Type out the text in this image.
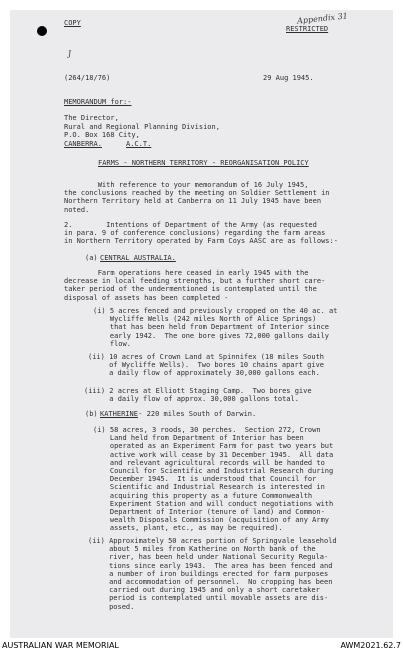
COPY
RESTRICTED
Appendix 31
J
(264/18/76)	29 Aug 1945.
MEMORANDUM for:-
The Director,
Rural and Regional Planning Division,
P.O. Box 168 City,
CANBERRA.	A.C.T.
FARMS - NORTHERN TERRITORY - REORGANISATION POLICY
With reference to your memorandum of 16 July 1945,
the conclusions reached by the meeting on Soldier Settlement in
Northern Territory held at Canberra on 11 July 1945 have been
noted.
2.        Intentions of Department of the Army (as requested
in para. 9 of conference conclusions) regarding the farm areas
in Northern Territory operated by Farm Coys AASC are as follows:-
(a) CENTRAL AUSTRALIA.
Farm operations here ceased in early 1945 with the
decrease in local feeding strengths, but a further short care-
taker period of the undermentioned is contemplated until the
disposal of assets has been completed -
(i) 5 acres fenced and previously cropped on the 40 ac. at
Wycliffe Wells (242 miles North of Alice Springs)
that has been held from Department of Interior since
early 1942.  The one bore gives 72,000 gallons daily
flow.
(ii) 10 acres of Crown Land at Spinnifex (18 miles South
of Wycliffe Wells).  Two bores 10 chains apart give
a daily flow of approximately 30,000 gallons each.
(iii) 2 acres at Elliott Staging Camp.  Two bores give
a daily flow of approx. 30,000 gallons total.
(b) KATHERINE
- 220 miles South of Darwin.
(i) 58 acres, 3 roods, 30 perches.  Section 272, Crown
Land held from Department of Interior has been
operated as an Experiment Farm for past two years but
active work will cease by 31 December 1945.  All data
and relevant agricultural records will be handed to
Council for Scientific and Industrial Research during
December 1945.  It is understood that Council for
Scientific and Industrial Research is interested in
acquiring this property as a future Commonwealth
Experiment Station and will conduct negotiations with
Department of Interior (tenure of land) and Common-
wealth Disposals Commission (acquisition of any Army
assets, plant, etc., as may be required).
(ii) Approximately 50 acres portion of Springvale leasehold
about 5 miles from Katherine on North bank of the
river, has been held under National Security Regula-
tions since early 1943.  The area has been fenced and
a number of iron buildings erected for farm purposes
and accommodation of personnel.  No cropping has been
carried out during 1945 and only a short caretaker
period is contemplated until movable assets are dis-
posed.
AUSTRALIAN WAR MEMORIAL	AWM2021.62.7
